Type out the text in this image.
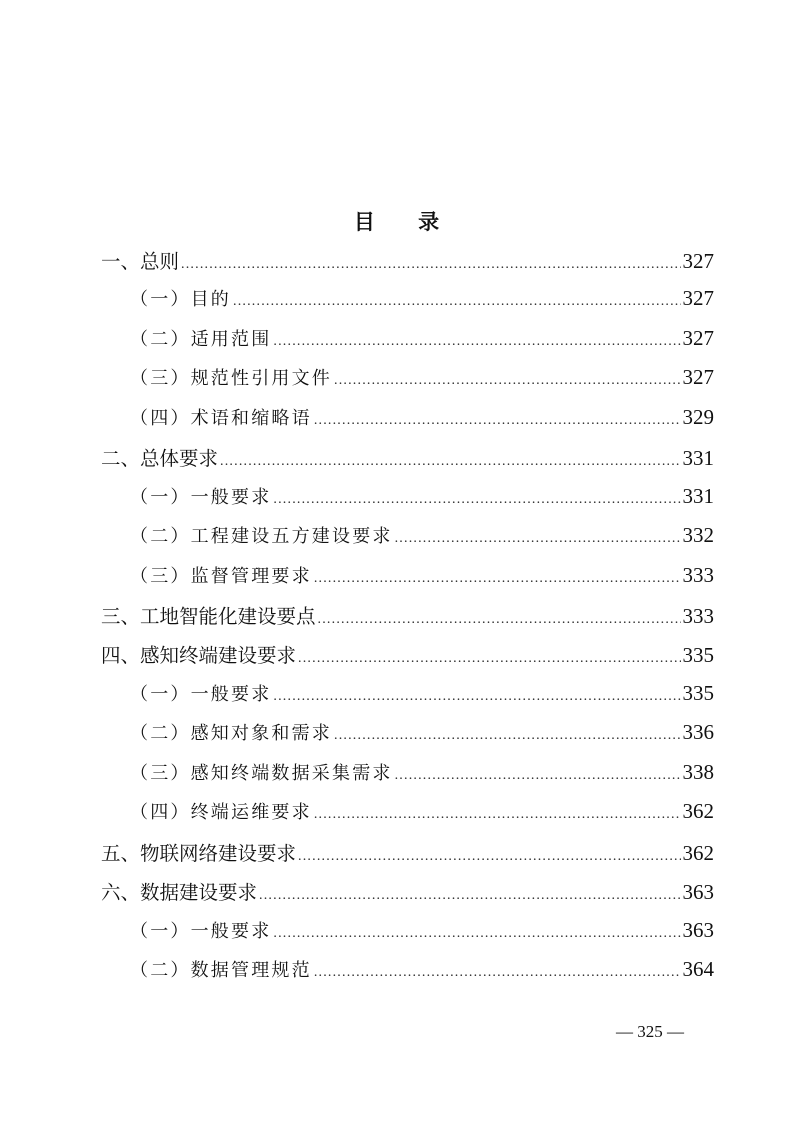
目 录
一、总则 .....	327
（一）目的 .....	327
（二）适用范围 .....	327
（三）规范性引用文件 .....	327
（四）术语和缩略语 .....	329
二、总体要求 .....	331
（一）一般要求 .....	331
（二）工程建设五方建设要求 .....	332
（三）监督管理要求 .....	333
三、工地智能化建设要点 .....	333
四、感知终端建设要求 .....	335
（一）一般要求 .....	335
（二）感知对象和需求 .....	336
（三）感知终端数据采集需求 .....	338
（四）终端运维要求 .....	362
五、物联网络建设要求 .....	362
六、数据建设要求 .....	363
（一）一般要求 .....	363
（二）数据管理规范 .....	364
— 325 —
